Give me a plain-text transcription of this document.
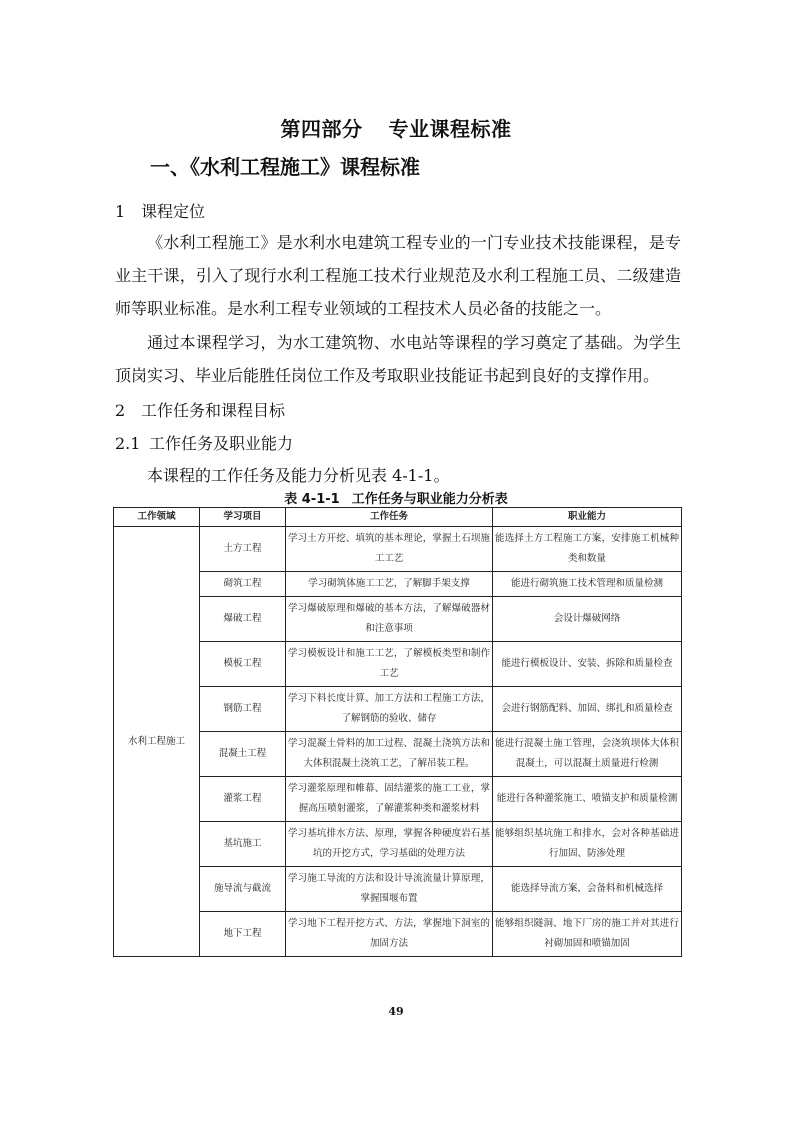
第四部分 专业课程标准
一、《水利工程施工》课程标准
1 课程定位
《水利工程施工》是水利水电建筑工程专业的一门专业技术技能课程，是专业主干课，引入了现行水利工程施工技术行业规范及水利工程施工员、二级建造师等职业标准。是水利工程专业领域的工程技术人员必备的技能之一。
通过本课程学习，为水工建筑物、水电站等课程的学习奠定了基础。为学生顶岗实习、毕业后能胜任岗位工作及考取职业技能证书起到良好的支撑作用。
2 工作任务和课程目标
2.1 工作任务及职业能力
本课程的工作任务及能力分析见表 4-1-1。
表 4-1-1 工作任务与职业能力分析表
工作领域	学习项目	工作任务	职业能力
水利工程施工	土方工程	学习土方开挖、填筑的基本理论，掌握土石坝施工工艺	能选择土方工程施工方案，安排施工机械种类和数量
	砌筑工程	学习砌筑体施工工艺，了解脚手架支撑	能进行砌筑施工技术管理和质量检测
	爆破工程	学习爆破原理和爆破的基本方法，了解爆破器材和注意事项	会设计爆破网络
	模板工程	学习模板设计和施工工艺，了解模板类型和制作工艺	能进行模板设计、安装、拆除和质量检查
	钢筋工程	学习下料长度计算、加工方法和工程施工方法，了解钢筋的验收、储存	会进行钢筋配料、加固、绑扎和质量检查
	混凝土工程	学习混凝土骨料的加工过程、混凝土浇筑方法和大体积混凝土浇筑工艺，了解吊装工程。	能进行混凝土施工管理，会浇筑坝体大体积混凝土，可以混凝土质量进行检测
	灌浆工程	学习灌浆原理和帷幕、固结灌浆的施工工业，掌握高压喷射灌浆，了解灌浆种类和灌浆材料	能进行各种灌浆施工、喷锚支护和质量检测
	基坑施工	学习基坑排水方法、原理，掌握各种硬度岩石基坑的开挖方式，学习基础的处理方法	能够组织基坑施工和排水，会对各种基础进行加固、防渗处理
	施导流与截流	学习施工导流的方法和设计导流流量计算原理，掌握围堰布置	能选择导流方案，会备料和机械选择
	地下工程	学习地下工程开挖方式、方法，掌握地下洞室的加固方法	能够组织隧洞、地下厂房的施工并对其进行衬砌加固和喷锚加固
49
